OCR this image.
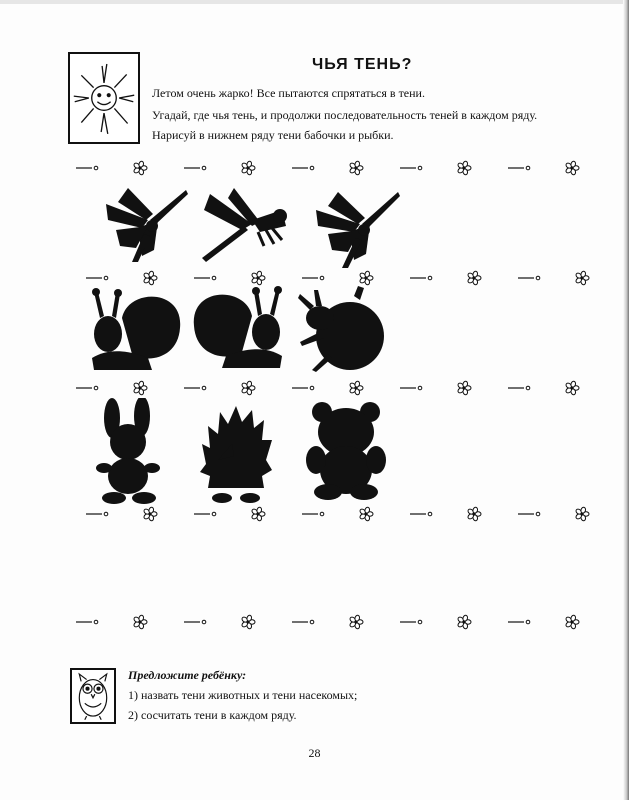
ЧЬЯ ТЕНЬ?
Летом очень жарко! Все пытаются спрятаться в тени.
Угадай, где чья тень, и продолжи последовательность теней в каждом ряду.
Нарисуй в нижнем ряду тени бабочки и рыбки.
Предложите ребёнку:
1) назвать тени животных и тени насекомых;
2) сосчитать тени в каждом ряду.
28
